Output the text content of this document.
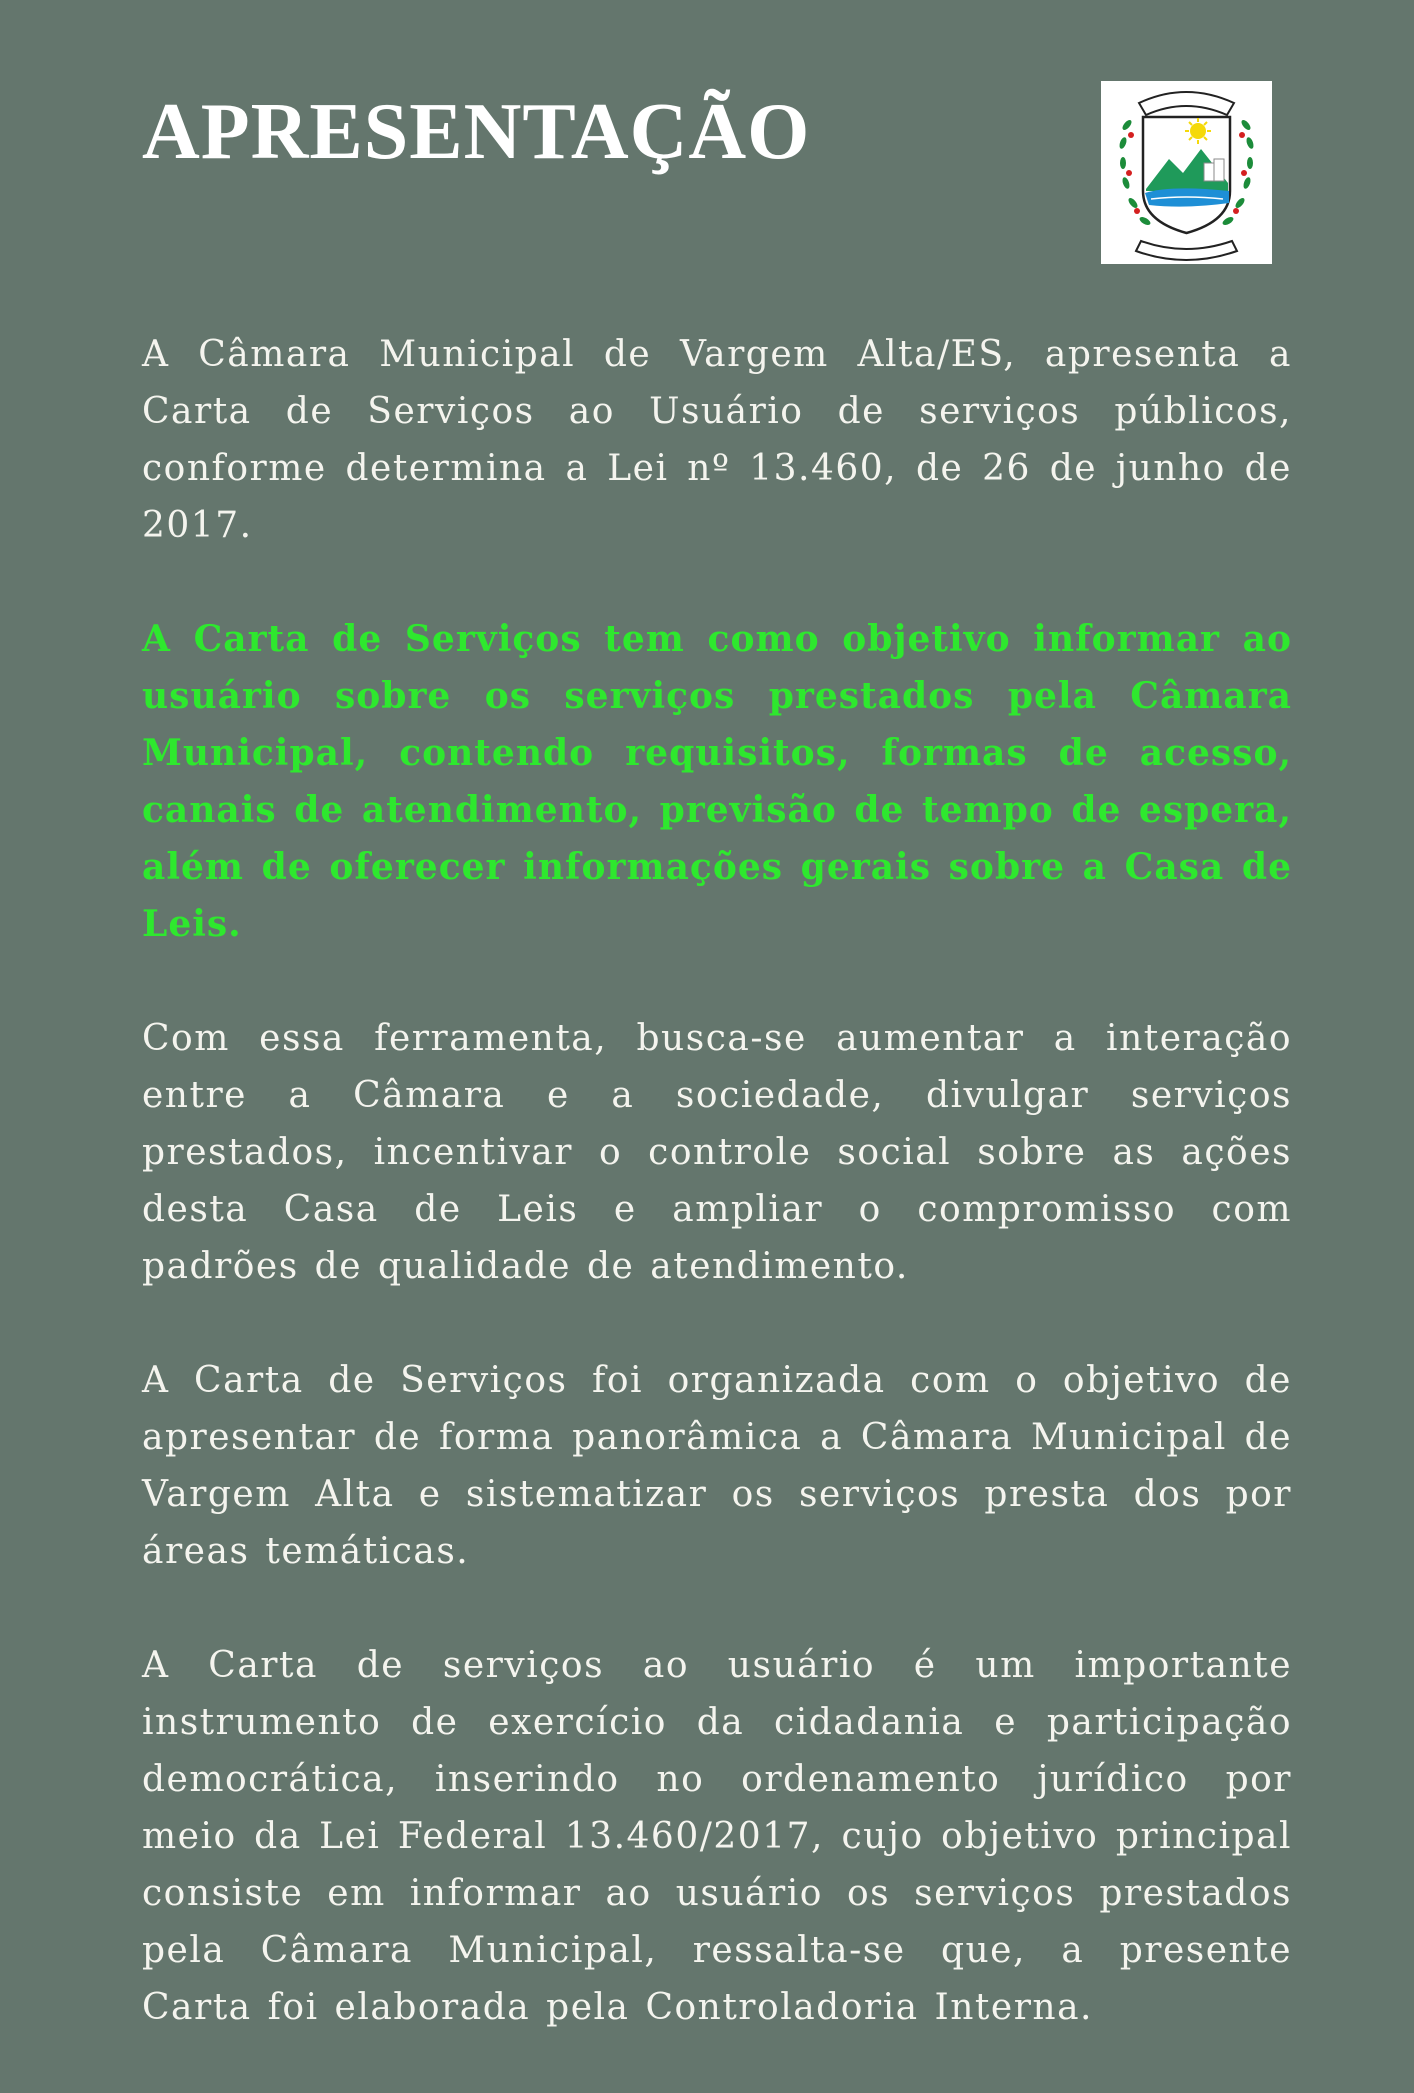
APRESENTAÇÃO

A Câmara Municipal de Vargem Alta/ES, apresenta a Carta de Serviços ao Usuário de serviços públicos, conforme determina a Lei nº 13.460, de 26 de junho de 2017.

A Carta de Serviços tem como objetivo informar ao usuário sobre os serviços prestados pela Câmara Municipal, contendo requisitos, formas de acesso, canais de atendimento, previsão de tempo de espera, além de oferecer informações gerais sobre a Casa de Leis.

Com essa ferramenta, busca-se aumentar a interação entre a Câmara e a sociedade, divulgar serviços prestados, incentivar o controle social sobre as ações desta Casa de Leis e ampliar o compromisso com padrões de qualidade de atendimento.

A Carta de Serviços foi organizada com o objetivo de apresentar de forma panorâmica a Câmara Municipal de Vargem Alta e sistematizar os serviços presta dos por áreas temáticas.

A Carta de serviços ao usuário é um importante instrumento de exercício da cidadania e participação democrática, inserindo no ordenamento jurídico por meio da Lei Federal 13.460/2017, cujo objetivo principal consiste em informar ao usuário os serviços prestados pela Câmara Municipal, ressalta-se que, a presente Carta foi elaborada pela Controladoria Interna.
